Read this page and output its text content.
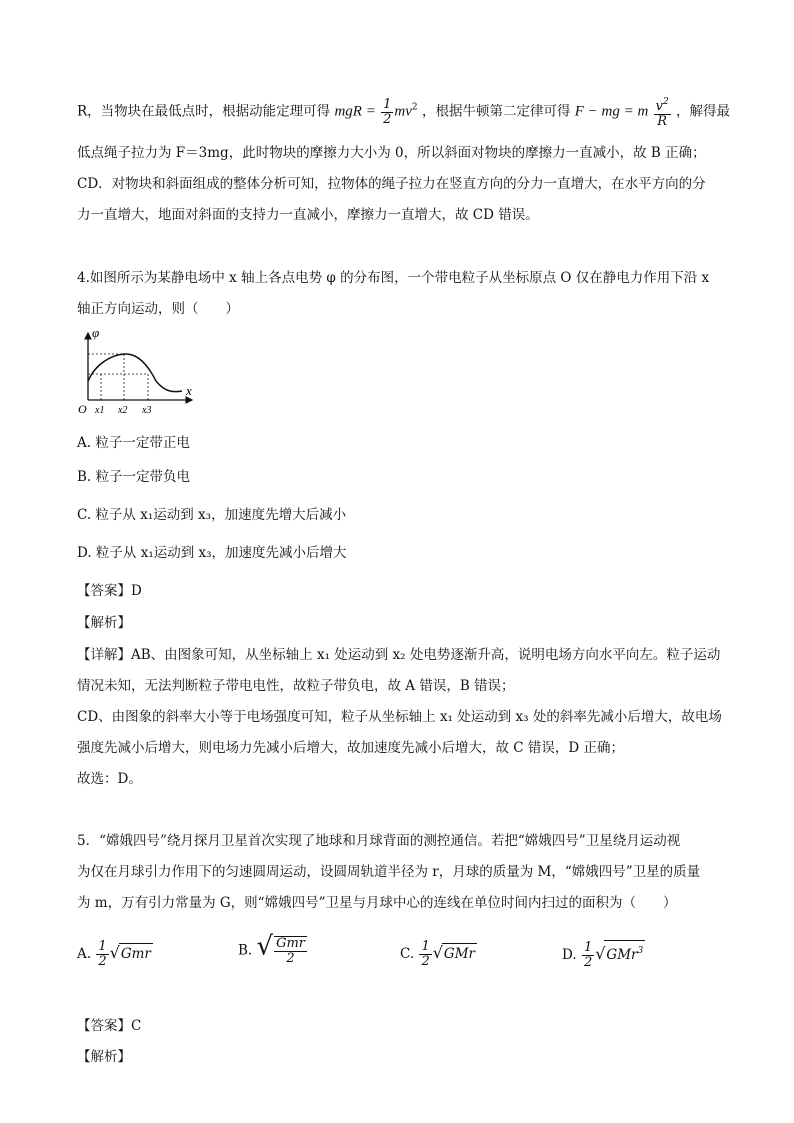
R，当物块在最低点时，根据动能定理可得 mgR = $\frac{1}{2} mv^2$ ，根据牛顿第二定律可得 F − mg = m $\frac{v^2}{R}$ ，解得最
低点绳子拉力为 F＝3mg，此时物块的摩擦力大小为 0，所以斜面对物块的摩擦力一直减小，故 B 正确；
CD．对物块和斜面组成的整体分析可知，拉物体的绳子拉力在竖直方向的分力一直增大，在水平方向的分
力一直增大，地面对斜面的支持力一直减小，摩擦力一直增大，故 CD 错误。
4.如图所示为某静电场中 x 轴上各点电势 φ 的分布图，一个带电粒子从坐标原点 O 仅在静电力作用下沿 x
轴正方向运动，则（　　）
φ
x
O x1 x2 x3
A. 粒子一定带正电
B. 粒子一定带负电
C. 粒子从 x₁运动到 x₃，加速度先增大后减小
D. 粒子从 x₁运动到 x₃，加速度先减小后增大
【答案】D
【解析】
【详解】AB、由图象可知，从坐标轴上 x₁ 处运动到 x₂ 处电势逐渐升高，说明电场方向水平向左。粒子运动
情况未知，无法判断粒子带电电性，故粒子带负电，故 A 错误，B 错误；
CD、由图象的斜率大小等于电场强度可知，粒子从坐标轴上 x₁ 处运动到 x₃ 处的斜率先减小后增大，故电场
强度先减小后增大，则电场力先减小后增大，故加速度先减小后增大，故 C 错误，D 正确；
故选：D。
5．“嫦娥四号”绕月探月卫星首次实现了地球和月球背面的测控通信。若把“嫦娥四号”卫星绕月运动视
为仅在月球引力作用下的匀速圆周运动，设圆周轨道半径为 r，月球的质量为 M，“嫦娥四号”卫星的质量
为 m，万有引力常量为 G，则“嫦娥四号”卫星与月球中心的连线在单位时间内扫过的面积为（　　）
A. $\frac{1}{2} √Gmr$	B. √ $\frac{\text{Gmr}}{2}$	C. $\frac{1}{2} √GMr$	D. $\frac{1}{2} √GMr^3$
【答案】C
【解析】
